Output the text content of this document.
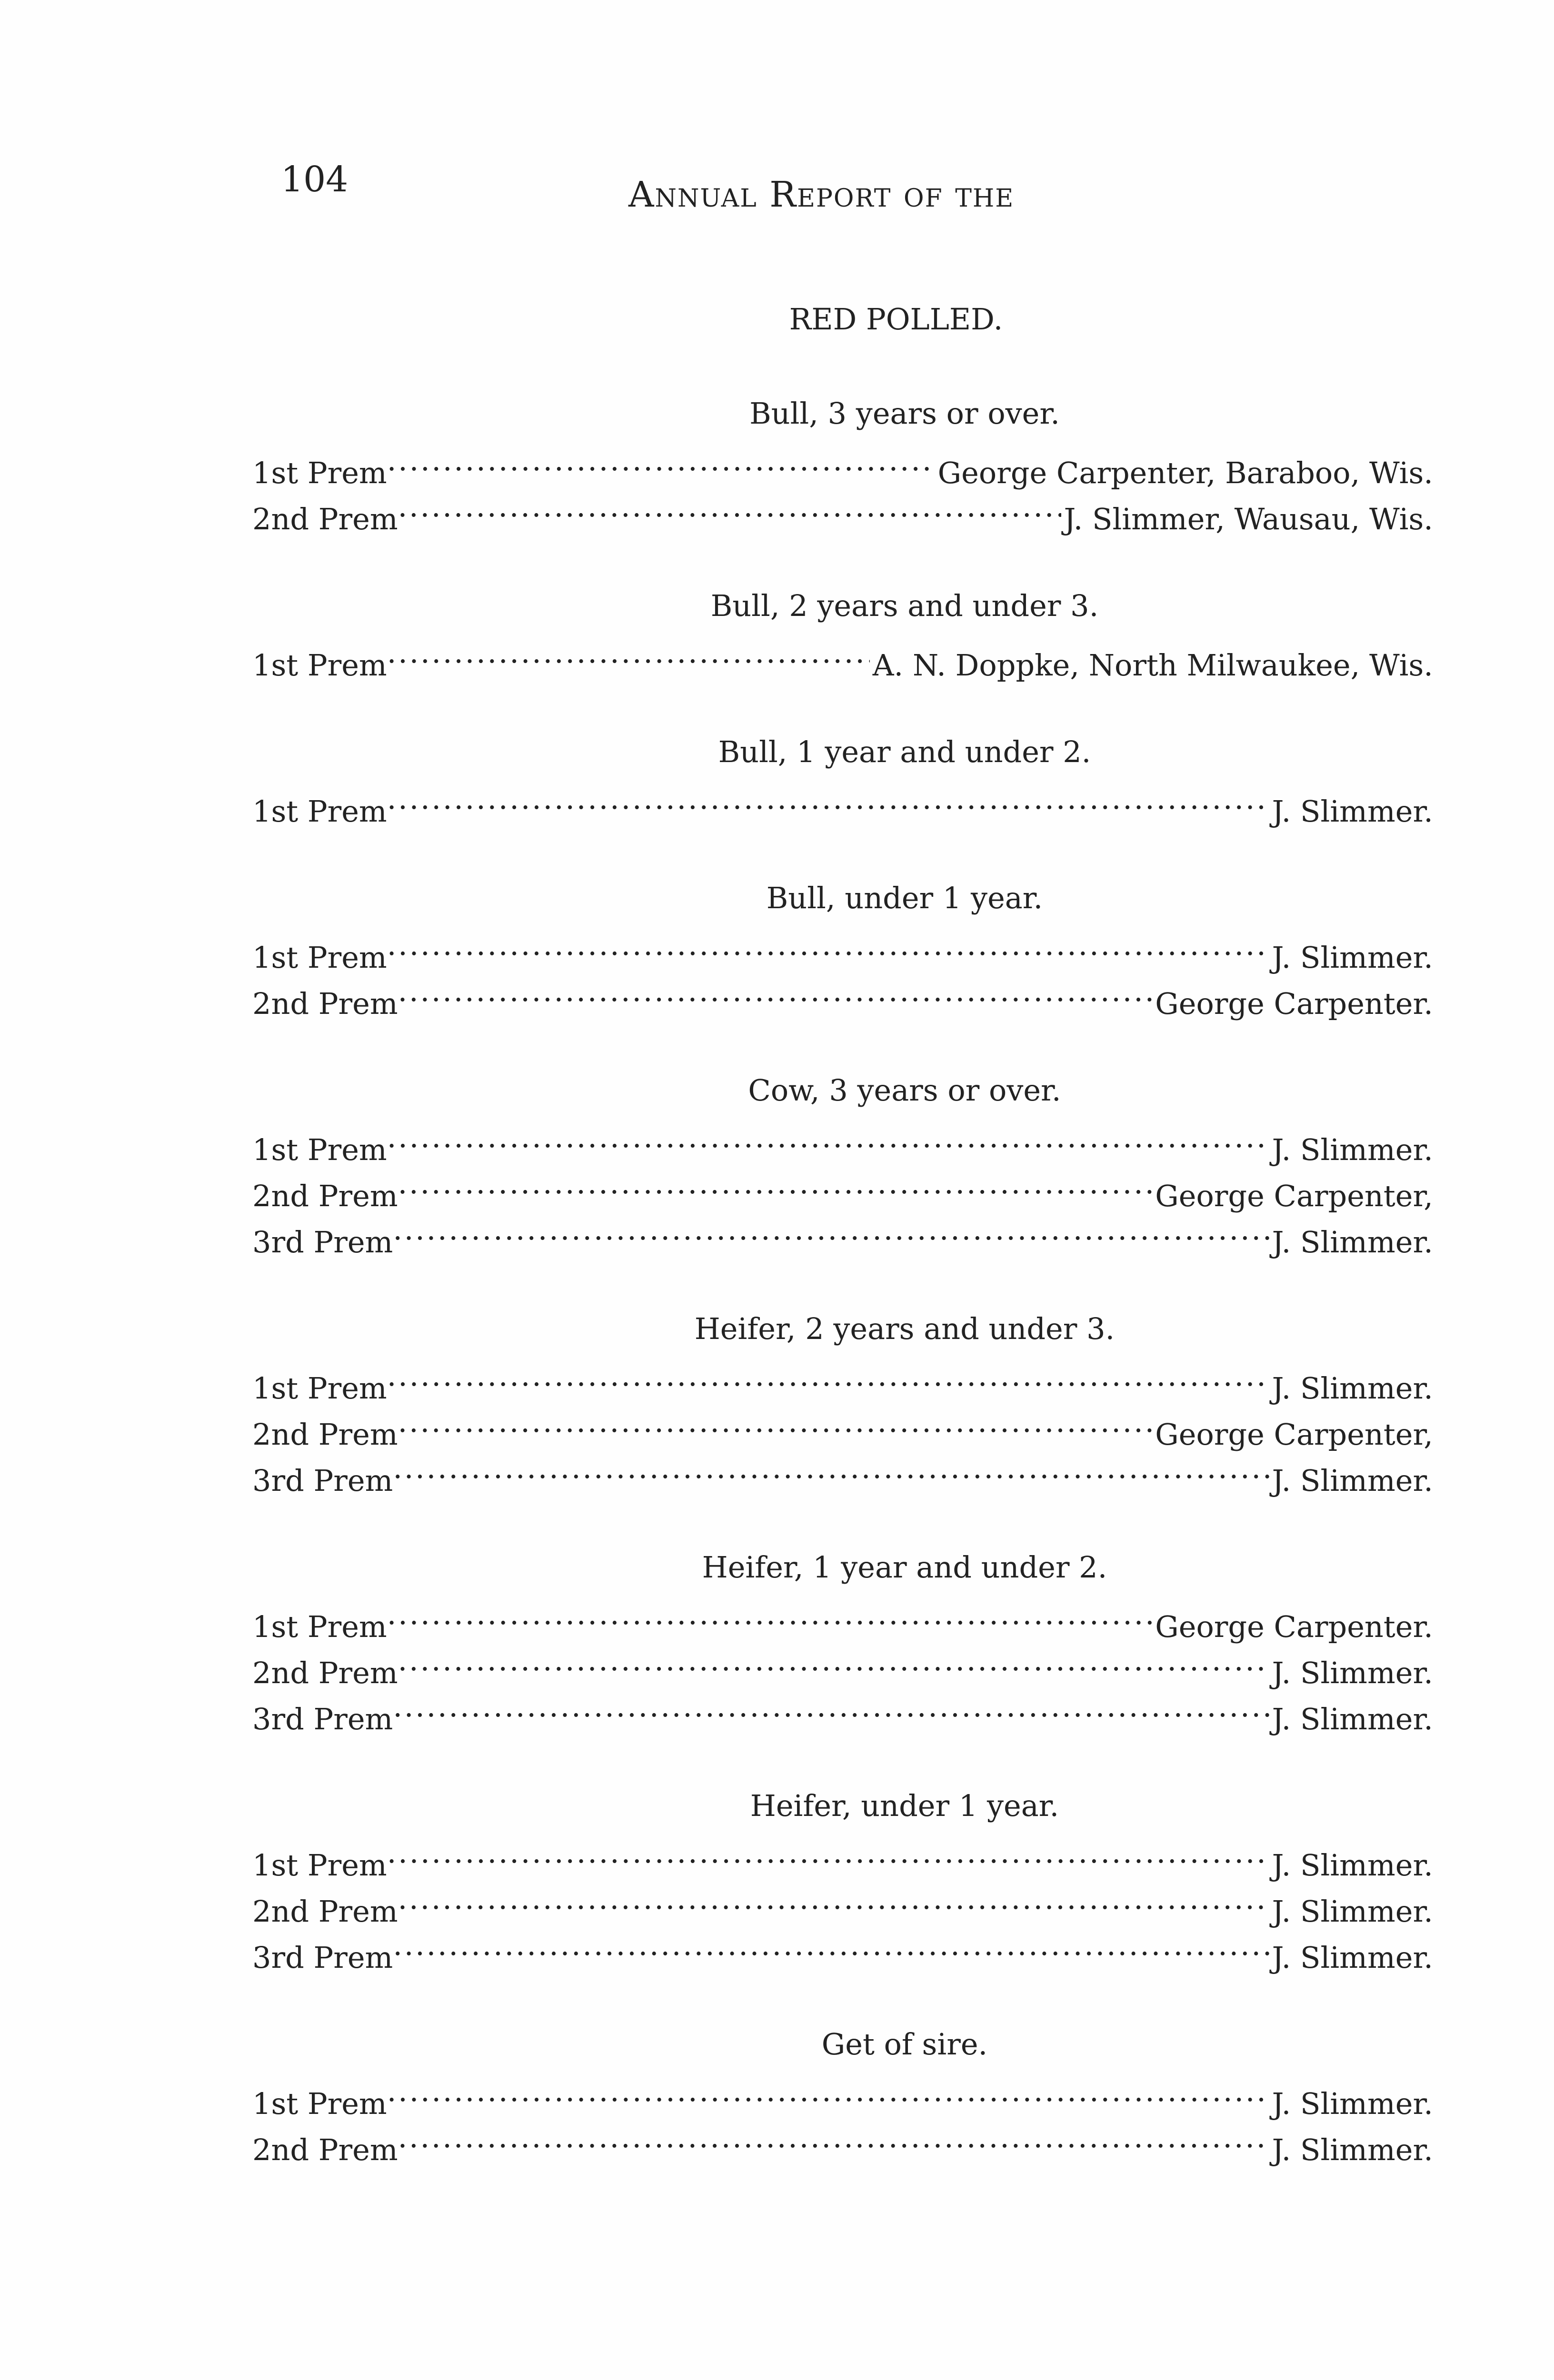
104	Annual Report of the
RED POLLED.
Bull, 3 years or over.
1st Prem . . .	George Carpenter, Baraboo, Wis.
2nd Prem . . .	J. Slimmer, Wausau, Wis.
Bull, 2 years and under 3.
1st Prem . . .	A. N. Doppke, North Milwaukee, Wis.
Bull, 1 year and under 2.
1st Prem . . .	J. Slimmer.
Bull, under 1 year.
1st Prem . . .	J. Slimmer.
2nd Prem . . .	George Carpenter.
Cow, 3 years or over.
1st Prem . . .	J. Slimmer.
2nd Prem . . .	George Carpenter,
3rd Prem . . .	J. Slimmer.
Heifer, 2 years and under 3.
1st Prem . . .	J. Slimmer.
2nd Prem . . .	George Carpenter,
3rd Prem . . .	J. Slimmer.
Heifer, 1 year and under 2.
1st Prem . . .	George Carpenter.
2nd Prem . . .	J. Slimmer.
3rd Prem . . .	J. Slimmer.
Heifer, under 1 year.
1st Prem . . .	J. Slimmer.
2nd Prem . . .	J. Slimmer.
3rd Prem . . .	J. Slimmer.
Get of sire.
1st Prem . . .	J. Slimmer.
2nd Prem . . .	J. Slimmer.
